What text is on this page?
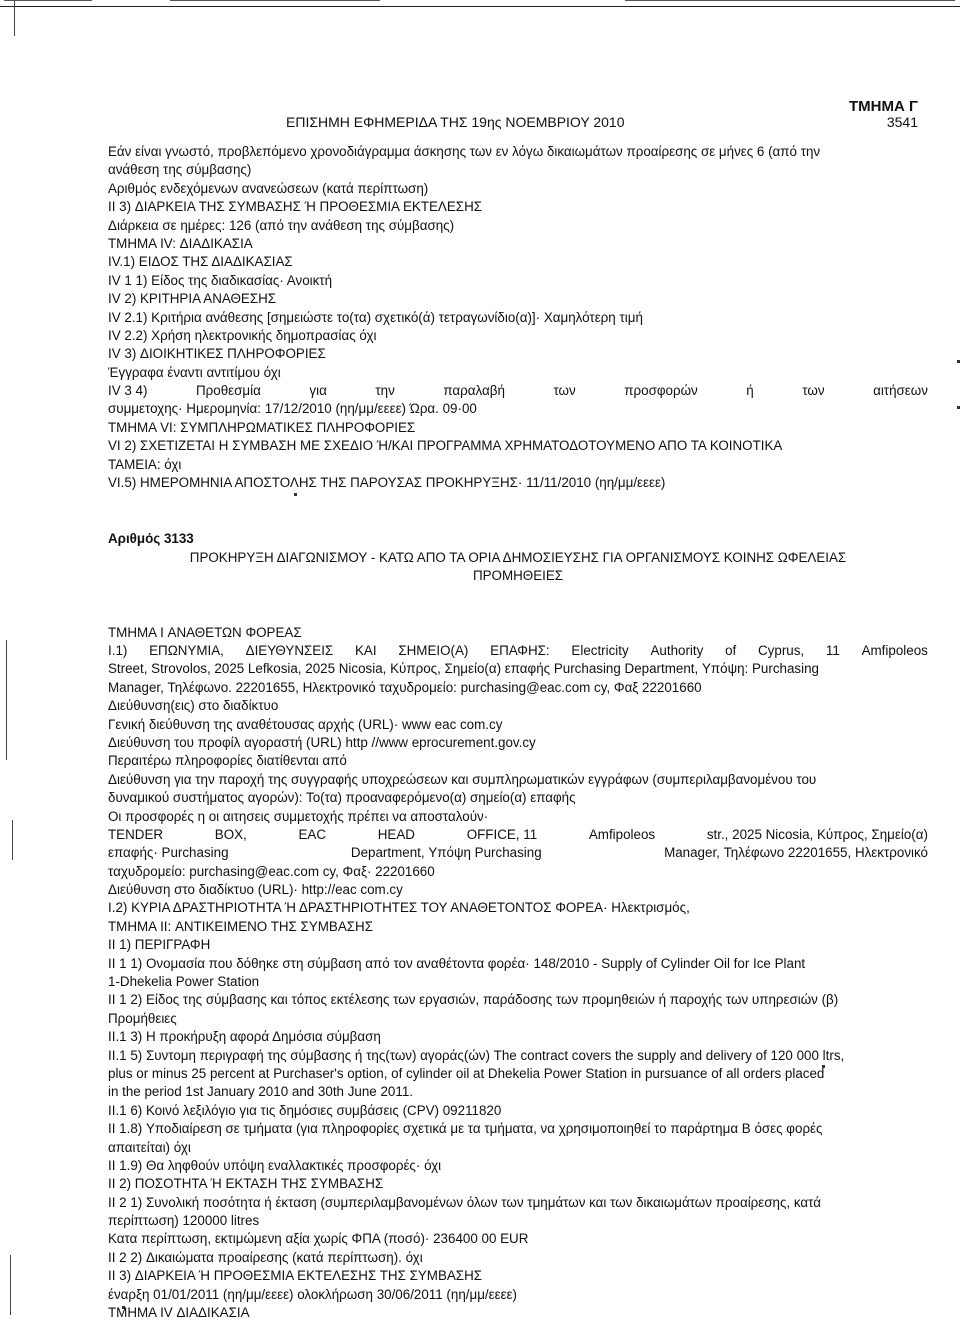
ΤΜΗΜΑ Γ
ΕΠΙΣΗΜΗ ΕΦΗΜΕΡΙΔΑ ΤΗΣ 19ης ΝΟΕΜΒΡΙΟΥ 2010	3541
Εάν είναι γνωστό, προβλεπόμενο χρονοδιάγραμμα άσκησης των εν λόγω δικαιωμάτων προαίρεσης σε μήνες 6 (από την
ανάθεση της σύμβασης)
Αριθμός ενδεχόμενων ανανεώσεων (κατά περίπτωση)
II 3) ΔΙΑΡΚΕΙΑ ΤΗΣ ΣΥΜΒΑΣΗΣ Ή ΠΡΟΘΕΣΜΙΑ ΕΚΤΕΛΕΣΗΣ
Διάρκεια σε ημέρες: 126 (από την ανάθεση της σύμβασης)
ΤΜΗΜΑ IV: ΔΙΑΔΙΚΑΣΙΑ
IV.1) ΕΙΔΟΣ ΤΗΣ ΔΙΑΔΙΚΑΣΙΑΣ
IV 1 1) Είδος της διαδικασίας· Ανοικτή
IV 2) ΚΡΙΤΗΡΙΑ ΑΝΑΘΕΣΗΣ
IV 2.1) Κριτήρια ανάθεσης [σημειώστε το(τα) σχετικό(ά) τετραγωνίδιο(α)]· Χαμηλότερη τιμή
IV 2.2) Χρήση ηλεκτρονικής δημοπρασίας όχι
IV 3) ΔΙΟΙΚΗΤΙΚΕΣ ΠΛΗΡΟΦΟΡΙΕΣ
Έγγραφα έναντι αντιτίμου όχι
IV 3 4)	Προθεσμία	για	την	παραλαβή	των	προσφορών	ή	των	αιτήσεων
συμμετοχης· Ημερομηνία: 17/12/2010 (ηη/μμ/εεεε) Ώρα. 09·00
ΤΜΗΜΑ VI: ΣΥΜΠΛΗΡΩΜΑΤΙΚΕΣ ΠΛΗΡΟΦΟΡΙΕΣ
VI 2) ΣΧΕΤΙΖΕΤΑΙ Η ΣΥΜΒΑΣΗ ΜΕ ΣΧΕΔΙΟ Ή/ΚΑΙ ΠΡΟΓΡΑΜΜΑ ΧΡΗΜΑΤΟΔΟΤΟΥΜΕΝΟ ΑΠΟ ΤΑ ΚΟΙΝΟΤΙΚΑ
ΤΑΜΕΙΑ: όχι
VI.5) ΗΜΕΡΟΜΗΝΙΑ ΑΠΟΣΤΟΛΗΣ ΤΗΣ ΠΑΡΟΥΣΑΣ ΠΡΟΚΗΡΥΞΗΣ· 11/11/2010 (ηη/μμ/εεεε)
Αριθμός 3133
ΠΡΟΚΗΡΥΞΗ ΔΙΑΓΩΝΙΣΜΟΥ - ΚΑΤΩ ΑΠΟ ΤΑ ΟΡΙΑ ΔΗΜΟΣΙΕΥΣΗΣ ΓΙΑ ΟΡΓΑΝΙΣΜΟΥΣ ΚΟΙΝΗΣ ΩΦΕΛΕΙΑΣ
ΠΡΟΜΗΘΕΙΕΣ
ΤΜΗΜΑ I ΑΝΑΘΕΤΩΝ ΦΟΡΕΑΣ
I.1) ΕΠΩΝΥΜΙΑ, ΔΙΕΥΘΥΝΣΕΙΣ ΚΑΙ ΣΗΜΕΙΟ(Α) ΕΠΑΦΗΣ: Electricity Authority of Cyprus, 11 Amfipoleos
Street, Strovolos, 2025 Lefkosia, 2025 Nicosia, Κύπρος, Σημείο(α) επαφής Purchasing Department, Υπόψη: Purchasing
Manager, Τηλέφωνο. 22201655, Ηλεκτρονικό ταχυδρομείο: purchasing@eac.com cy, Φαξ 22201660
Διεύθυνση(εις) στο διαδίκτυο
Γενική διεύθυνση της αναθέτουσας αρχής (URL)· www eac com.cy
Διεύθυνση του προφίλ αγοραστή (URL) http //www eprocurement.gov.cy
Περαιτέρω πληροφορίες διατίθενται από
Διεύθυνση για την παροχή της συγγραφής υποχρεώσεων και συμπληρωματικών εγγράφων (συμπεριλαμβανομένου του
δυναμικού συστήματος αγορών): Το(τα) προαναφερόμενο(α) σημείο(α) επαφής
Οι προσφορές η οι αιτησεις συμμετοχής πρέπει να αποσταλούν·
TENDER	BOX,	EAC	HEAD	OFFICE, 11	Amfipoleos	str., 2025 Nicosia, Κύπρος, Σημείο(α)
επαφής· Purchasing	Department, Υπόψη Purchasing	Manager, Τηλέφωνο 22201655, Ηλεκτρονικό
ταχυδρομείο: purchasing@eac.com cy, Φαξ· 22201660
Διεύθυνση στο διαδίκτυο (URL)· http://eac com.cy
I.2) ΚΥΡΙΑ ΔΡΑΣΤΗΡΙΟΤΗΤΑ Ή ΔΡΑΣΤΗΡΙΟΤΗΤΕΣ ΤΟΥ ΑΝΑΘΕΤΟΝΤΟΣ ΦΟΡΕΑ· Ηλεκτρισμός,
ΤΜΗΜΑ II: ΑΝΤΙΚΕΙΜΕΝΟ ΤΗΣ ΣΥΜΒΑΣΗΣ
II 1) ΠΕΡΙΓΡΑΦΗ
II 1 1) Ονομασία που δόθηκε στη σύμβαση από τον αναθέτοντα φορέα· 148/2010 - Supply of Cylinder Oil for Ice Plant
1-Dhekelia Power Station
II 1 2) Είδος της σύμβασης και τόπος εκτέλεσης των εργασιών, παράδοσης των προμηθειών ή παροχής των υπηρεσιών (β)
Προμήθειες
II.1 3) Η προκήρυξη αφορά Δημόσια σύμβαση
II.1 5) Συντομη περιγραφή της σύμβασης ή της(των) αγοράς(ών) The contract covers the supply and delivery of 120 000 ltrs,
plus or minus 25 percent at Purchaser's option, of cylinder oil at Dhekelia Power Station in pursuance of all orders placed
in the period 1st January 2010 and 30th June 2011.
II.1 6) Κοινό λεξιλόγιο για τις δημόσιες συμβάσεις (CPV) 09211820
II 1.8) Υποδιαίρεση σε τμήματα (για πληροφορίες σχετικά με τα τμήματα, να χρησιμοποιηθεί το παράρτημα Β όσες φορές
απαιτείται) όχι
II 1.9) Θα ληφθούν υπόψη εναλλακτικές προσφορές· όχι
II 2) ΠΟΣΟΤΗΤΑ Ή ΕΚΤΑΣΗ ΤΗΣ ΣΥΜΒΑΣΗΣ
II 2 1) Συνολική ποσότητα ή έκταση (συμπεριλαμβανομένων όλων των τμημάτων και των δικαιωμάτων προαίρεσης, κατά
περίπτωση) 120000 litres
Κατα περίπτωση, εκτιμώμενη αξία χωρίς ΦΠΑ (ποσό)· 236400 00 EUR
II 2 2) Δικαιώματα προαίρεσης (κατά περίπτωση). όχι
II 3) ΔΙΑΡΚΕΙΑ Ή ΠΡΟΘΕΣΜΙΑ ΕΚΤΕΛΕΣΗΣ ΤΗΣ ΣΥΜΒΑΣΗΣ
έναρξη 01/01/2011 (ηη/μμ/εεεε) ολοκλήρωση 30/06/2011 (ηη/μμ/εεεε)
ΤΜΗΜΑ IV ΔΙΑΔΙΚΑΣΙΑ
